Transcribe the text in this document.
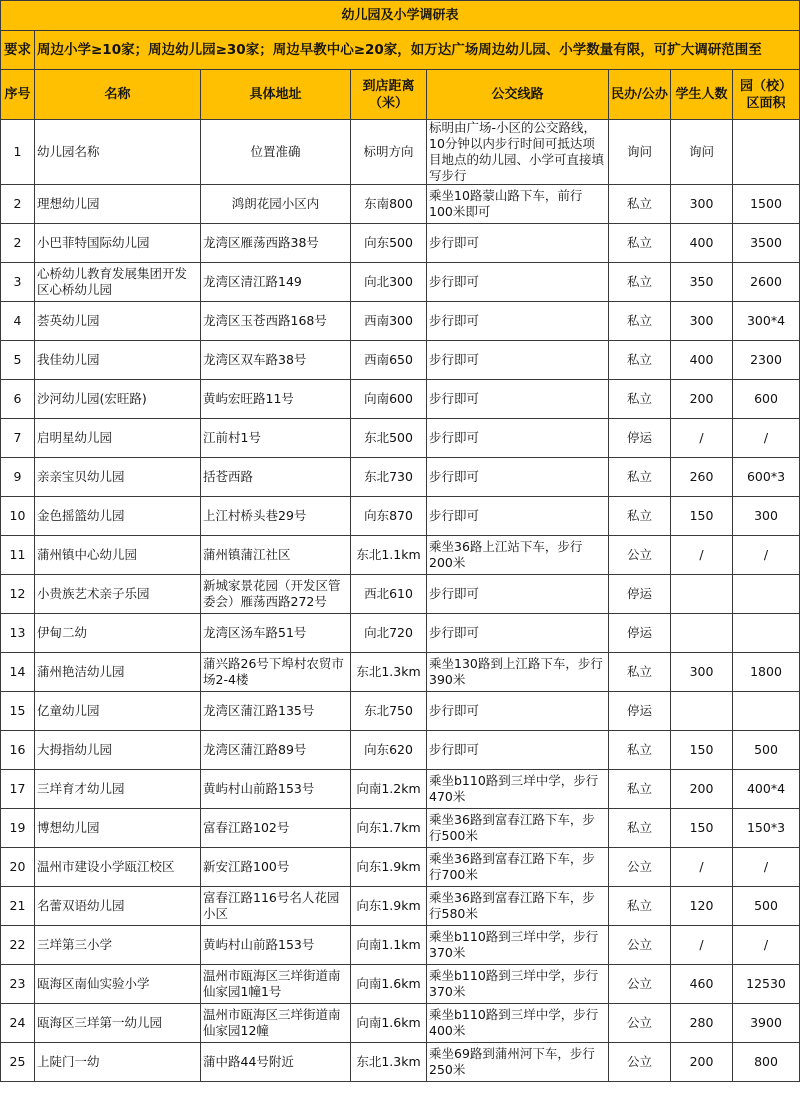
幼儿园及小学调研表							
要求	周边小学≥10家；周边幼儿园≥30家；周边早教中心≥20家，如万达广场周边幼儿园、小学数量有限，可扩大调研范围至						
序号	名称	具体地址	到店距离（米）	公交线路	民办/公办	学生人数	园（校）区面积
1	幼儿园名称	位置准确	标明方向	标明由广场-小区的公交路线，10分钟以内步行时间可抵达项目地点的幼儿园、小学可直接填写步行	询问	询问	
2	理想幼儿园	鸿朗花园小区内	东南800	乘坐10路蒙山路下车，前行100米即可	私立	300	1500
2	小巴菲特国际幼儿园	龙湾区雁荡西路38号	向东500	步行即可	私立	400	3500
3	心桥幼儿教育发展集团开发区心桥幼儿园	龙湾区清江路149	向北300	步行即可	私立	350	2600
4	荟英幼儿园	龙湾区玉苍西路168号	西南300	步行即可	私立	300	300*4
5	我佳幼儿园	龙湾区双车路38号	西南650	步行即可	私立	400	2300
6	沙河幼儿园(宏旺路)	黄屿宏旺路11号	向南600	步行即可	私立	200	600
7	启明星幼儿园	江前村1号	东北500	步行即可	停运	/	/
9	亲亲宝贝幼儿园	括苍西路	东北730	步行即可	私立	260	600*3
10	金色摇篮幼儿园	上江村桥头巷29号	向东870	步行即可	私立	150	300
11	蒲州镇中心幼儿园	蒲州镇蒲江社区	东北1.1km	乘坐36路上江站下车，步行200米	公立	/	/
12	小贵族艺术亲子乐园	新城家景花园（开发区管委会）雁荡西路272号	西北610	步行即可	停运		
13	伊甸二幼	龙湾区汤车路51号	向北720	步行即可	停运		
14	蒲州艳洁幼儿园	蒲兴路26号下埠村农贸市场2-4楼	东北1.3km	乘坐130路到上江路下车，步行390米	私立	300	1800
15	亿童幼儿园	龙湾区蒲江路135号	东北750	步行即可	停运		
16	大拇指幼儿园	龙湾区蒲江路89号	向东620	步行即可	私立	150	500
17	三垟育才幼儿园	黄屿村山前路153号	向南1.2km	乘坐b110路到三垟中学，步行470米	私立	200	400*4
19	博想幼儿园	富春江路102号	向东1.7km	乘坐36路到富春江路下车，步行500米	私立	150	150*3
20	温州市建设小学瓯江校区	新安江路100号	向东1.9km	乘坐36路到富春江路下车，步行700米	公立	/	/
21	名蕾双语幼儿园	富春江路116号名人花园小区	向东1.9km	乘坐36路到富春江路下车，步行580米	私立	120	500
22	三垟第三小学	黄屿村山前路153号	向南1.1km	乘坐b110路到三垟中学，步行370米	公立	/	/
23	瓯海区南仙实验小学	温州市瓯海区三垟街道南仙家园1幢1号	向南1.6km	乘坐b110路到三垟中学，步行370米	公立	460	12530
24	瓯海区三垟第一幼儿园	温州市瓯海区三垟街道南仙家园12幢	向南1.6km	乘坐b110路到三垟中学，步行400米	公立	280	3900
25	上陡门一幼	蒲中路44号附近	东北1.3km	乘坐69路到蒲州河下车，步行250米	公立	200	800
